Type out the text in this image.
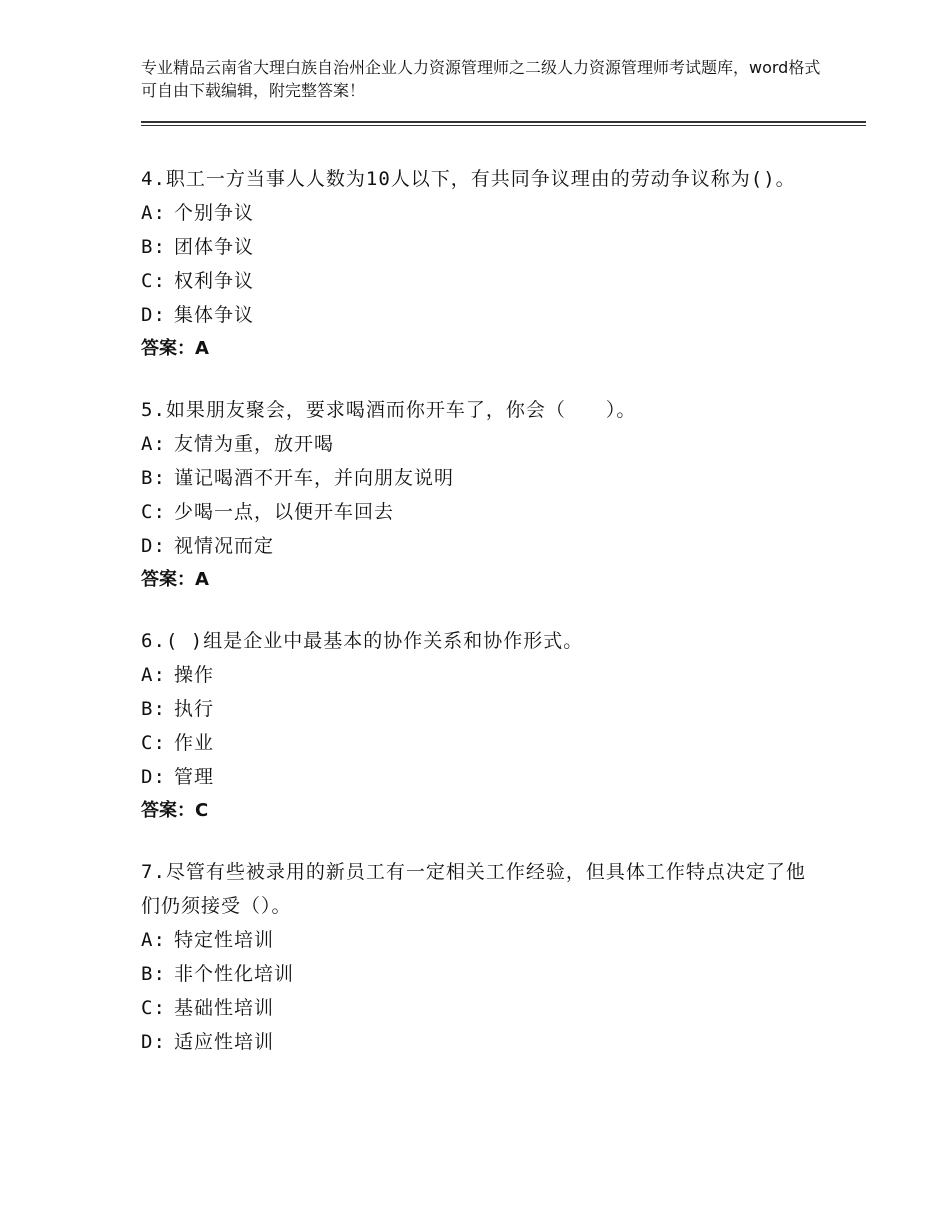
专业精品云南省大理白族自治州企业人力资源管理师之二级人力资源管理师考试题库，word格式可自由下载编辑，附完整答案！
4.职工一方当事人人数为10人以下，有共同争议理由的劳动争议称为()。
A: 个别争议
B: 团体争议
C: 权利争议
D: 集体争议
答案：A
5.如果朋友聚会，要求喝酒而你开车了，你会（　　）。
A: 友情为重，放开喝
B: 谨记喝酒不开车，并向朋友说明
C: 少喝一点，以便开车回去
D: 视情况而定
答案：A
6.( )组是企业中最基本的协作关系和协作形式。
A: 操作
B: 执行
C: 作业
D: 管理
答案：C
7.尽管有些被录用的新员工有一定相关工作经验，但具体工作特点决定了他们仍须接受（）。
A: 特定性培训
B: 非个性化培训
C: 基础性培训
D: 适应性培训
